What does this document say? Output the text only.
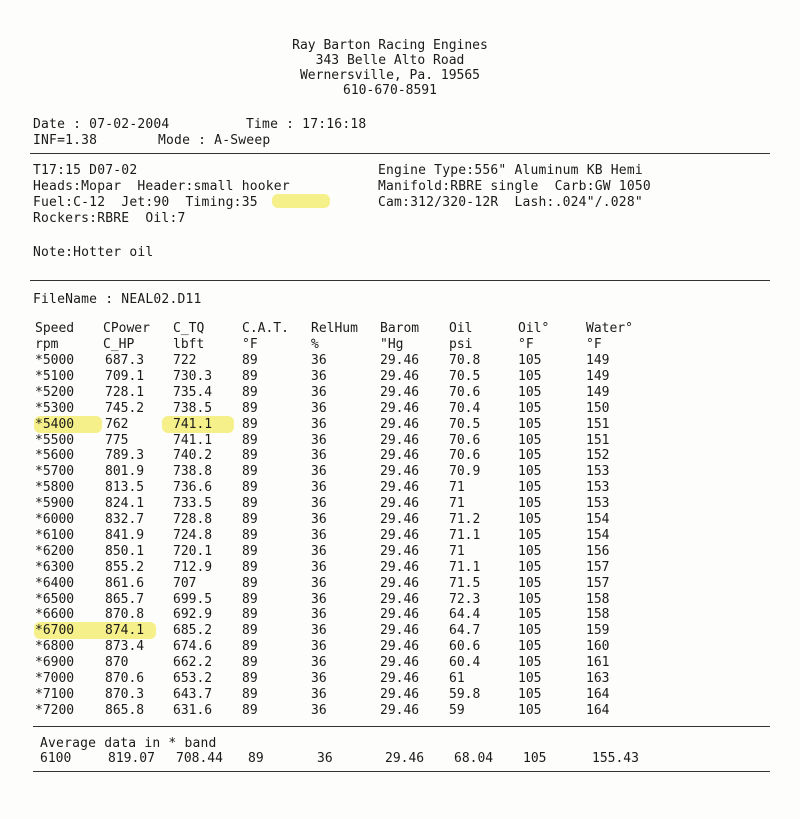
Ray Barton Racing Engines
343 Belle Alto Road
Wernersville, Pa. 19565
610-670-8591
Date : 07-02-2004	Time : 17:16:18
INF=1.38	Mode : A-Sweep
T17:15 D07-02
Heads:Mopar  Header:small hooker
Fuel:C-12  Jet:90  Timing:35
Rockers:RBRE  Oil:7
Engine Type:556" Aluminum KB Hemi
Manifold:RBRE single  Carb:GW 1050
Cam:312/320-12R  Lash:.024"/.028"
Note:Hotter oil
FileName : NEAL02.D11
Speed CPower C_TQ	C.A.T. RelHum Barom Oil	Oil°	Water°
rpm	C_HP	lbft	°F	%	"Hg	psi	°F	°F
*5000 687.3 722	89	36	29.46 70.8	105	149
*5100 709.1 730.3 89	36	29.46 70.5	105	149
*5200 728.1 735.4 89	36	29.46 70.6	105	149
*5300 745.2 738.5 89	36	29.46 70.4	105	150
*5400 762	741.1 89	36	29.46 70.5	105	151
*5500 775	741.1 89	36	29.46 70.6	105	151
*5600 789.3 740.2 89	36	29.46 70.6	105	152
*5700 801.9 738.8 89	36	29.46 70.9	105	153
*5800 813.5 736.6 89	36	29.46 71	105	153
*5900 824.1 733.5 89	36	29.46 71	105	153
*6000 832.7 728.8 89	36	29.46 71.2	105	154
*6100 841.9 724.8 89	36	29.46 71.1	105	154
*6200 850.1 720.1 89	36	29.46 71	105	156
*6300 855.2 712.9 89	36	29.46 71.1	105	157
*6400 861.6 707	89	36	29.46 71.5	105	157
*6500 865.7 699.5 89	36	29.46 72.3	105	158
*6600 870.8 692.9 89	36	29.46 64.4	105	158
*6700 874.1 685.2 89	36	29.46 64.7	105	159
*6800 873.4 674.6 89	36	29.46 60.6	105	160
*6900 870	662.2 89	36	29.46 60.4	105	161
*7000 870.6 653.2 89	36	29.46 61	105	163
*7100 870.3 643.7 89	36	29.46 59.8	105	164
*7200 865.8 631.6 89	36	29.46 59	105	164
Average data in * band
6100	819.07 708.44 89	36	29.46 68.04 105	155.43
